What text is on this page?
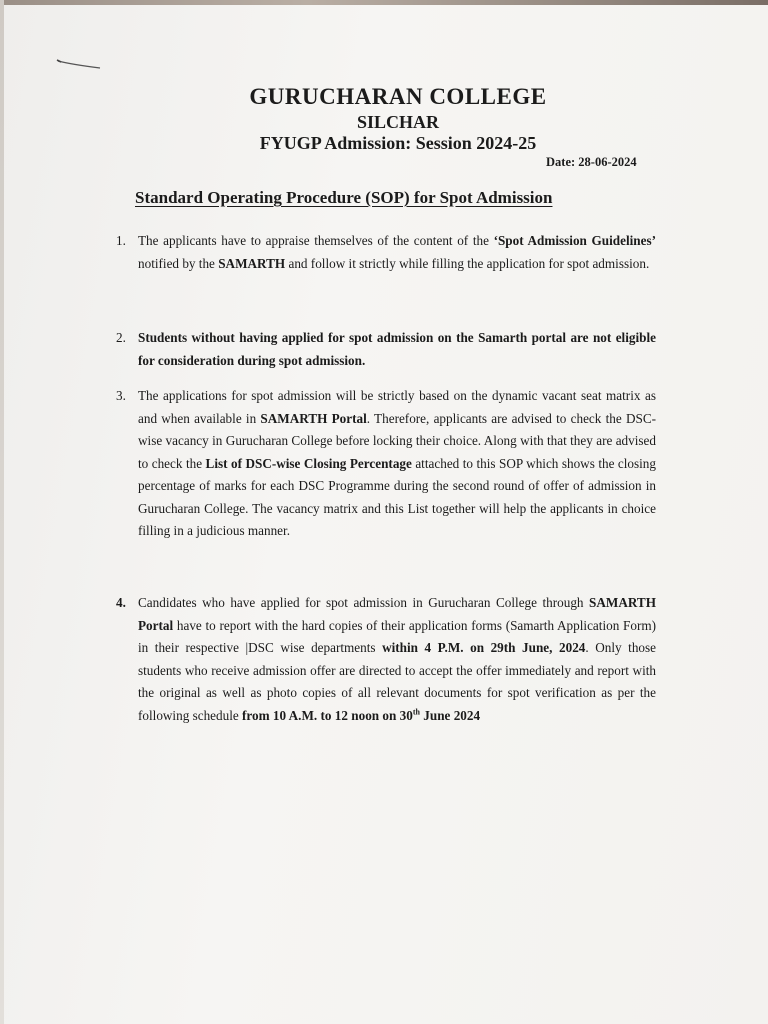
GURUCHARAN COLLEGE
SILCHAR
FYUGP Admission: Session 2024-25
Date: 28-06-2024
Standard Operating Procedure (SOP) for Spot Admission
1. The applicants have to appraise themselves of the content of the ‘Spot Admission Guidelines’ notified by the SAMARTH and follow it strictly while filling the application for spot admission.
2. Students without having applied for spot admission on the Samarth portal are not eligible for consideration during spot admission.
3. The applications for spot admission will be strictly based on the dynamic vacant seat matrix as and when available in SAMARTH Portal. Therefore, applicants are advised to check the DSC-wise vacancy in Gurucharan College before locking their choice. Along with that they are advised to check the List of DSC-wise Closing Percentage attached to this SOP which shows the closing percentage of marks for each DSC Programme during the second round of offer of admission in Gurucharan College. The vacancy matrix and this List together will help the applicants in choice filling in a judicious manner.
4. Candidates who have applied for spot admission in Gurucharan College through SAMARTH Portal have to report with the hard copies of their application forms (Samarth Application Form) in their respective |DSC wise departments within 4 P.M. on 29th June, 2024. Only those students who receive admission offer are directed to accept the offer immediately and report with the original as well as photo copies of all relevant documents for spot verification as per the following schedule from 10 A.M. to 12 noon on 30th June 2024
